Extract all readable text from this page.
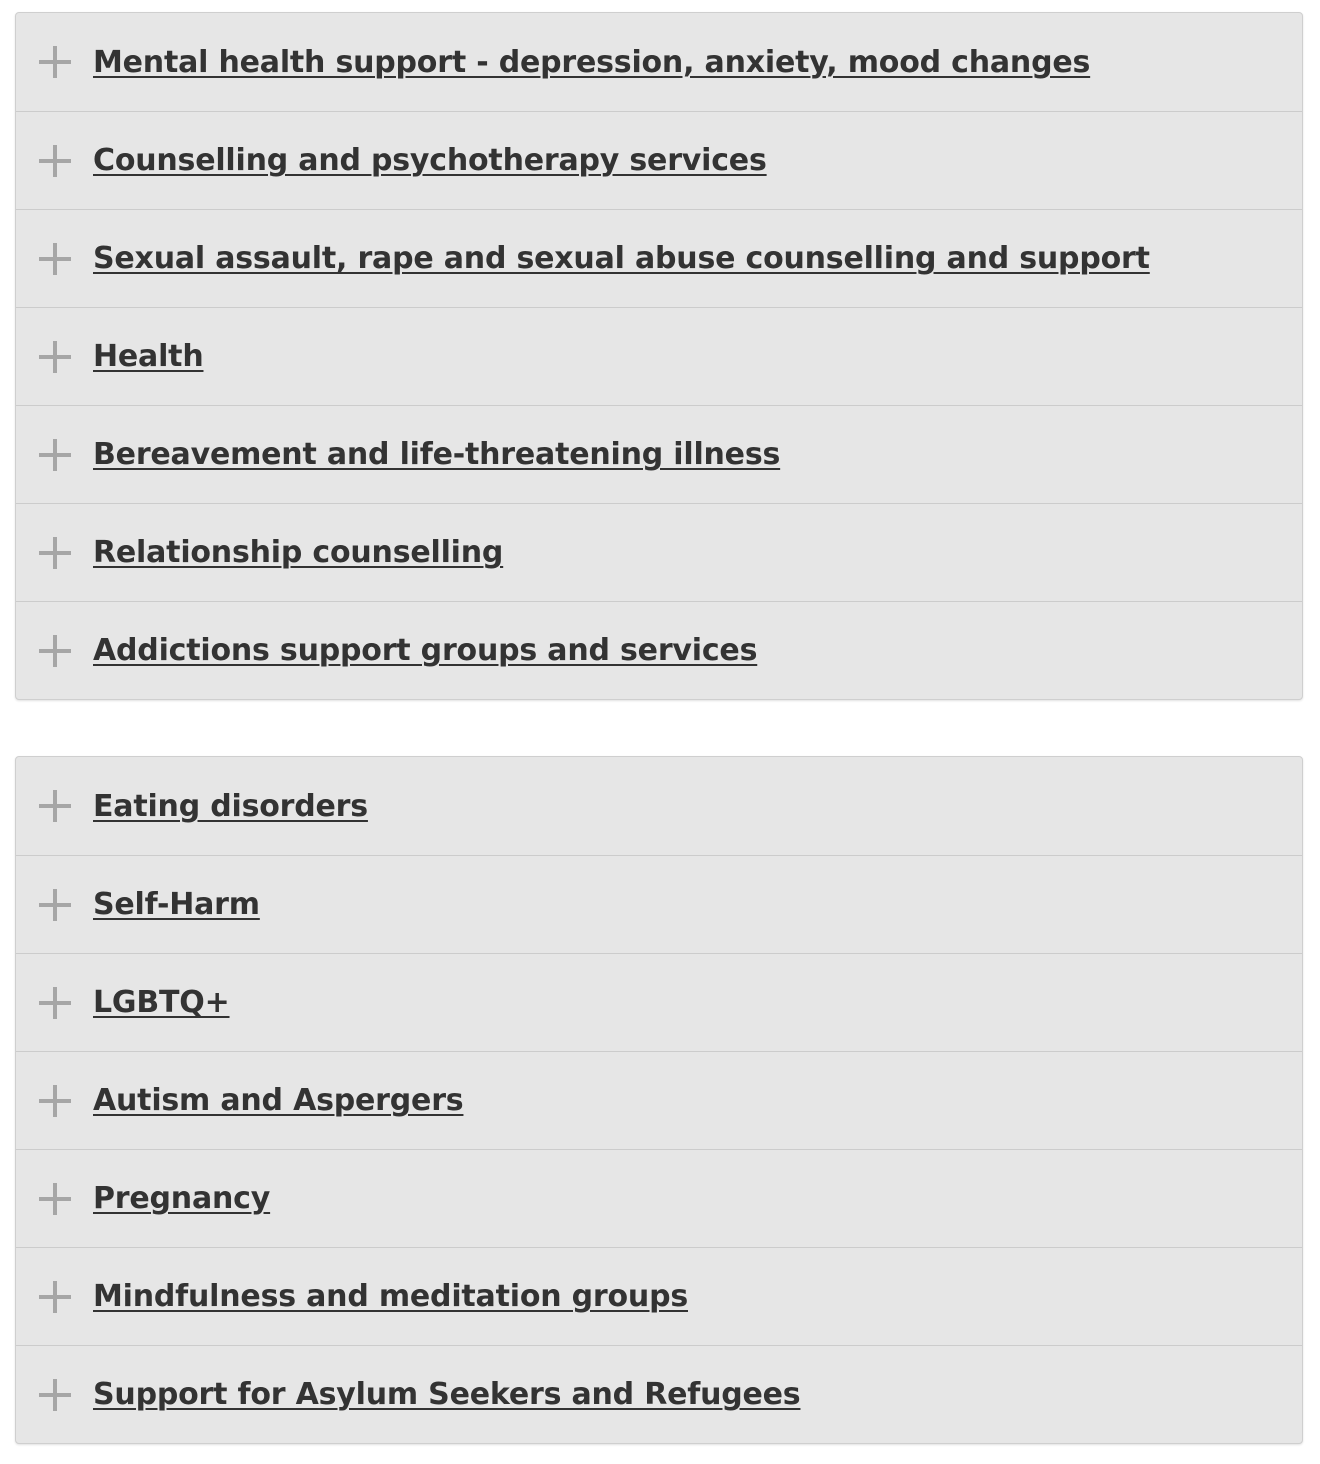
Mental health support - depression, anxiety, mood changes
Counselling and psychotherapy services
Sexual assault, rape and sexual abuse counselling and support
Health
Bereavement and life-threatening illness
Relationship counselling
Addictions support groups and services
Eating disorders
Self-Harm
LGBTQ+
Autism and Aspergers
Pregnancy
Mindfulness and meditation groups
Support for Asylum Seekers and Refugees
